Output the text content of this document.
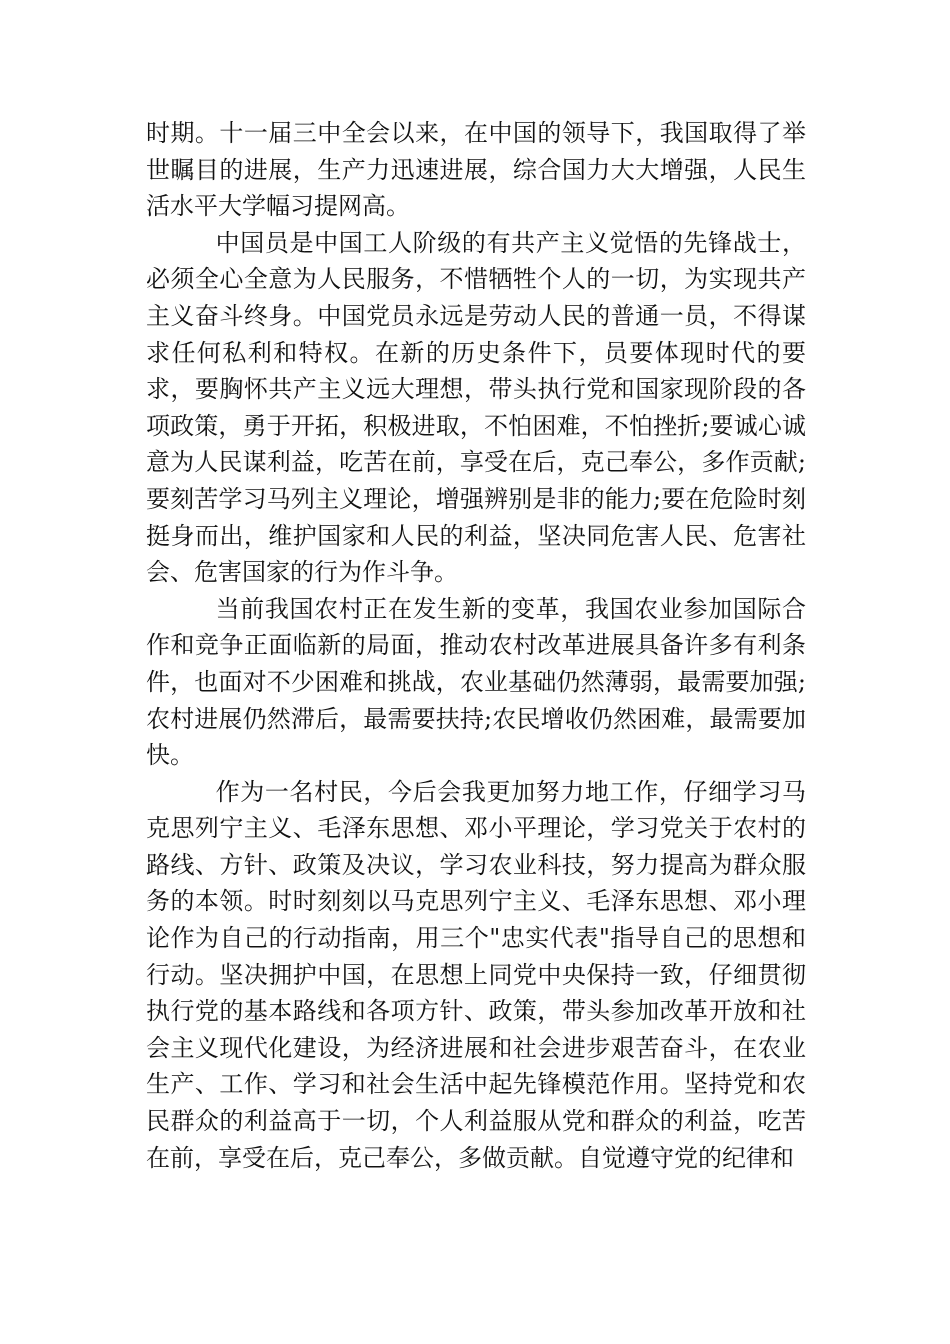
时期。十一届三中全会以来，在中国的领导下，我国取得了举世瞩目的进展，生产力迅速进展，综合国力大大增强，人民生活水平大学幅习提网高。

中国员是中国工人阶级的有共产主义觉悟的先锋战士，必须全心全意为人民服务，不惜牺牲个人的一切，为实现共产主义奋斗终身。中国党员永远是劳动人民的普通一员，不得谋求任何私利和特权。在新的历史条件下，员要体现时代的要求，要胸怀共产主义远大理想，带头执行党和国家现阶段的各项政策，勇于开拓，积极进取，不怕困难，不怕挫折;要诚心诚意为人民谋利益，吃苦在前，享受在后，克己奉公，多作贡献;要刻苦学习马列主义理论，增强辨别是非的能力;要在危险时刻挺身而出，维护国家和人民的利益，坚决同危害人民、危害社会、危害国家的行为作斗争。

当前我国农村正在发生新的变革，我国农业参加国际合作和竞争正面临新的局面，推动农村改革进展具备许多有利条件，也面对不少困难和挑战，农业基础仍然薄弱，最需要加强;农村进展仍然滞后，最需要扶持;农民增收仍然困难，最需要加快。

作为一名村民，今后会我更加努力地工作，仔细学习马克思列宁主义、毛泽东思想、邓小平理论，学习党关于农村的路线、方针、政策及决议，学习农业科技，努力提高为群众服务的本领。时时刻刻以马克思列宁主义、毛泽东思想、邓小理论作为自己的行动指南，用三个"忠实代表"指导自己的思想和行动。坚决拥护中国，在思想上同党中央保持一致，仔细贯彻执行党的基本路线和各项方针、政策，带头参加改革开放和社会主义现代化建设，为经济进展和社会进步艰苦奋斗，在农业生产、工作、学习和社会生活中起先锋模范作用。坚持党和农民群众的利益高于一切，个人利益服从党和群众的利益，吃苦在前，享受在后，克己奉公，多做贡献。自觉遵守党的纪律和
